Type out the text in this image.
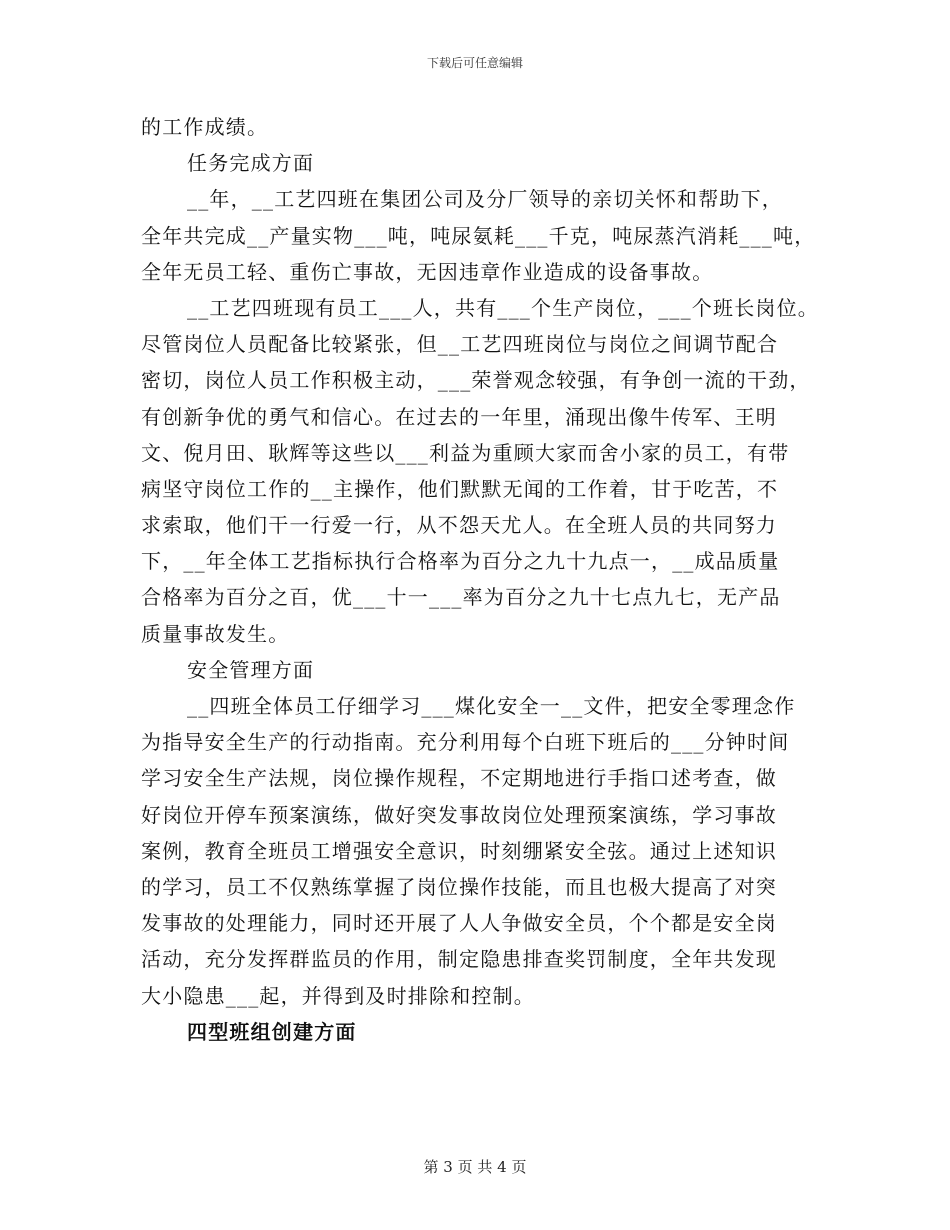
下载后可任意编辑
的工作成绩。
任务完成方面
__年，__工艺四班在集团公司及分厂领导的亲切关怀和帮助下，
全年共完成__产量实物___吨，吨尿氨耗___千克，吨尿蒸汽消耗___吨，
全年无员工轻、重伤亡事故，无因违章作业造成的设备事故。
__工艺四班现有员工___人，共有___个生产岗位，___个班长岗位。
尽管岗位人员配备比较紧张，但__工艺四班岗位与岗位之间调节配合
密切，岗位人员工作积极主动，___荣誉观念较强，有争创一流的干劲，
有创新争优的勇气和信心。在过去的一年里，涌现出像牛传军、王明
文、倪月田、耿辉等这些以___利益为重顾大家而舍小家的员工，有带
病坚守岗位工作的__主操作，他们默默无闻的工作着，甘于吃苦，不
求索取，他们干一行爱一行，从不怨天尤人。在全班人员的共同努力
下，__年全体工艺指标执行合格率为百分之九十九点一，__成品质量
合格率为百分之百，优___十一___率为百分之九十七点九七，无产品
质量事故发生。
安全管理方面
__四班全体员工仔细学习___煤化安全一__文件，把安全零理念作
为指导安全生产的行动指南。充分利用每个白班下班后的___分钟时间
学习安全生产法规，岗位操作规程，不定期地进行手指口述考查，做
好岗位开停车预案演练，做好突发事故岗位处理预案演练，学习事故
案例，教育全班员工增强安全意识，时刻绷紧安全弦。通过上述知识
的学习，员工不仅熟练掌握了岗位操作技能，而且也极大提高了对突
发事故的处理能力，同时还开展了人人争做安全员，个个都是安全岗
活动，充分发挥群监员的作用，制定隐患排查奖罚制度，全年共发现
大小隐患___起，并得到及时排除和控制。
四型班组创建方面
第 3 页 共 4 页
